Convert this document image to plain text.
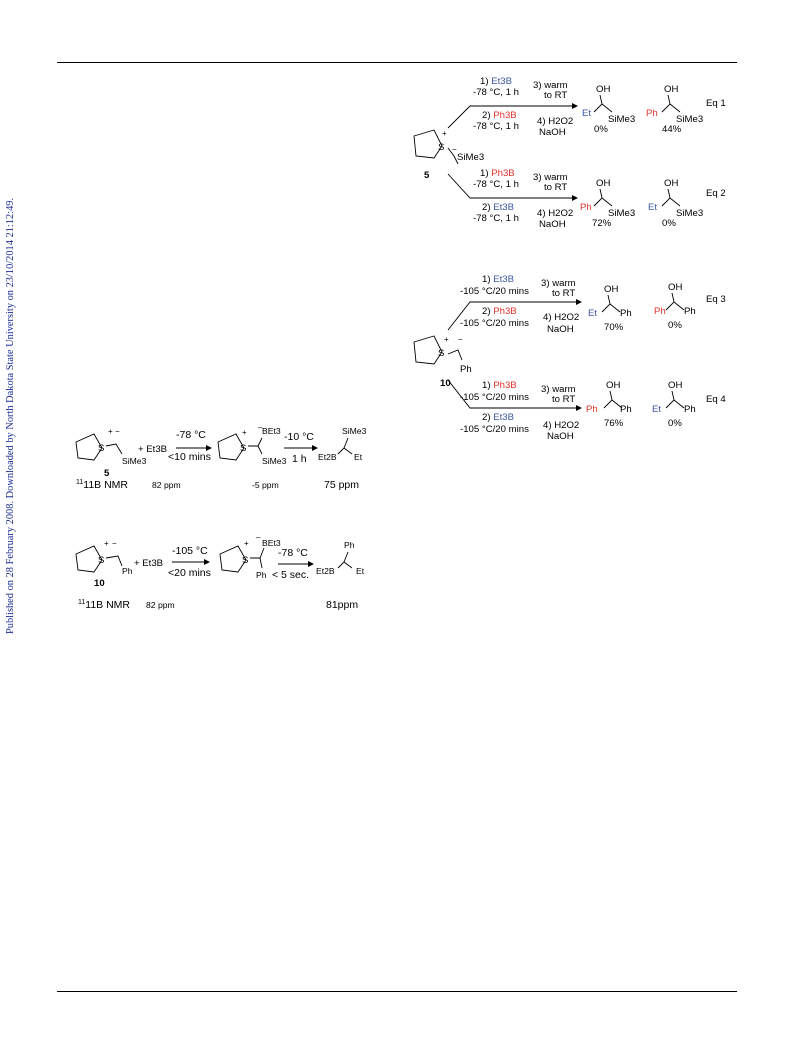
Published on 28 February 2008. Downloaded by North Dakota State University on 23/10/2014 21:12:49.
S
+
−
SiMe3
5
1) Et3B
-78 °C, 1 h
2) Ph3B
-78 °C, 1 h
3) warm
to RT
4) H2O2
NaOH
OH
Et
SiMe3
0%
OH
Ph
SiMe3
44%
Eq 1
1) Ph3B
-78 °C, 1 h
2) Et3B
-78 °C, 1 h
3) warm
to RT
4) H2O2
NaOH
OH
Ph
SiMe3
72%
OH
Et
SiMe3
0%
Eq 2
S
+ −
Ph
10
1) Et3B
-105 °C/20 mins
2) Ph3B
-105 °C/20 mins
3) warm
to RT
4) H2O2
NaOH
OH
Et Ph
70%
OH
Ph Ph
0%
Eq 3
1) Ph3B
-105 °C/20 mins
2) Et3B
-105 °C/20 mins
3) warm
to RT
4) H2O2
NaOH
OH
Ph Ph
76%
OH
Et Ph
0%
Eq 4
S
+ −
SiMe3
5
+ Et3B
-78 °C
<10 mins
S
+
– BEt3
SiMe3
-10 °C
1 h
SiMe3
Et2B Et
$^{11}$11B NMR	82 ppm	-5 ppm	75 ppm
S
+ −
Ph
10
+ Et3B
-105 °C
<20 mins
S
+
–
BEt3
Ph
-78 °C
< 5 sec.
Ph
Et2B Et
$^{11}$11B NMR 82 ppm	81ppm
